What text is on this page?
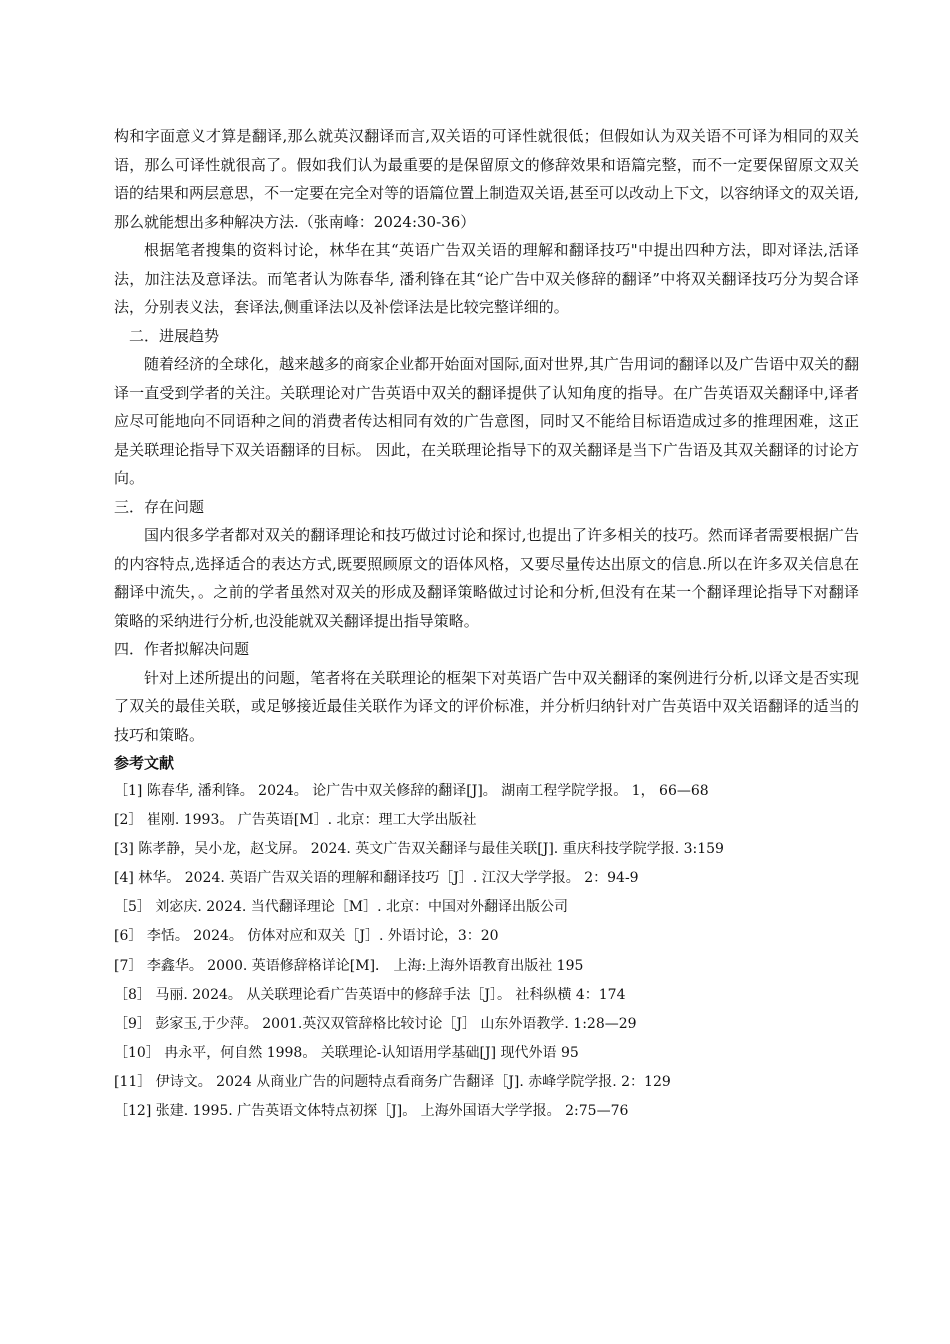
构和字面意义才算是翻译,那么就英汉翻译而言,双关语的可译性就很低；但假如认为双关语不可译为相同的双关语，那么可译性就很高了。假如我们认为最重要的是保留原文的修辞效果和语篇完整，而不一定要保留原文双关语的结果和两层意思，不一定要在完全对等的语篇位置上制造双关语,甚至可以改动上下文，以容纳译文的双关语,那么就能想出多种解决方法.（张南峰：2024:30-36）

根据笔者搜集的资料讨论，林华在其“英语广告双关语的理解和翻译技巧"中提出四种方法，即对译法,活译法，加注法及意译法。而笔者认为陈春华, 潘利锋在其“论广告中双关修辞的翻译”中将双关翻译技巧分为契合译法，分别表义法，套译法,侧重译法以及补偿译法是比较完整详细的。

二．进展趋势

随着经济的全球化，越来越多的商家企业都开始面对国际,面对世界,其广告用词的翻译以及广告语中双关的翻译一直受到学者的关注。关联理论对广告英语中双关的翻译提供了认知角度的指导。在广告英语双关翻译中,译者应尽可能地向不同语种之间的消费者传达相同有效的广告意图，同时又不能给目标语造成过多的推理困难，这正是关联理论指导下双关语翻译的目标。 因此，在关联理论指导下的双关翻译是当下广告语及其双关翻译的讨论方向。

三．存在问题

国内很多学者都对双关的翻译理论和技巧做过讨论和探讨,也提出了许多相关的技巧。然而译者需要根据广告的内容特点,选择适合的表达方式,既要照顾原文的语体风格，又要尽量传达出原文的信息.所以在许多双关信息在翻译中流失，。之前的学者虽然对双关的形成及翻译策略做过讨论和分析,但没有在某一个翻译理论指导下对翻译策略的采纳进行分析,也没能就双关翻译提出指导策略。

四．作者拟解决问题

针对上述所提出的问题，笔者将在关联理论的框架下对英语广告中双关翻译的案例进行分析,以译文是否实现了双关的最佳关联，或足够接近最佳关联作为译文的评价标准，并分析归纳针对广告英语中双关语翻译的适当的技巧和策略。

参考文献

［1] 陈春华, 潘利锋。 2024。 论广告中双关修辞的翻译[J]。 湖南工程学院学报。 1， 66—68
[2］ 崔刚. 1993。 广告英语[M］. 北京：理工大学出版社
[3] 陈孝静，吴小龙，赵戈屏。 2024. 英文广告双关翻译与最佳关联[J]. 重庆科技学院学报. 3:159
[4] 林华。 2024. 英语广告双关语的理解和翻译技巧［J］. 江汉大学学报。 2：94-9
［5］ 刘宓庆. 2024. 当代翻译理论［M］. 北京：中国对外翻译出版公司
[6］ 李恬。 2024。 仿体对应和双关［J］. 外语讨论，3：20
[7］ 李鑫华。 2000. 英语修辞格详论[M]． 上海:上海外语教育出版社 195
［8］ 马丽. 2024。 从关联理论看广告英语中的修辞手法［J］。 社科纵横 4：174
［9］ 彭家玉,于少萍。 2001.英汉双管辞格比较讨论［J］ 山东外语教学. 1:28—29
［10］ 冉永平，何自然 1998。 关联理论-认知语用学基础[J] 现代外语 95
[11］ 伊诗文。 2024 从商业广告的问题特点看商务广告翻译［J]. 赤峰学院学报. 2：129
［12] 张建. 1995. 广告英语文体特点初探［J]。 上海外国语大学学报。 2:75—76
